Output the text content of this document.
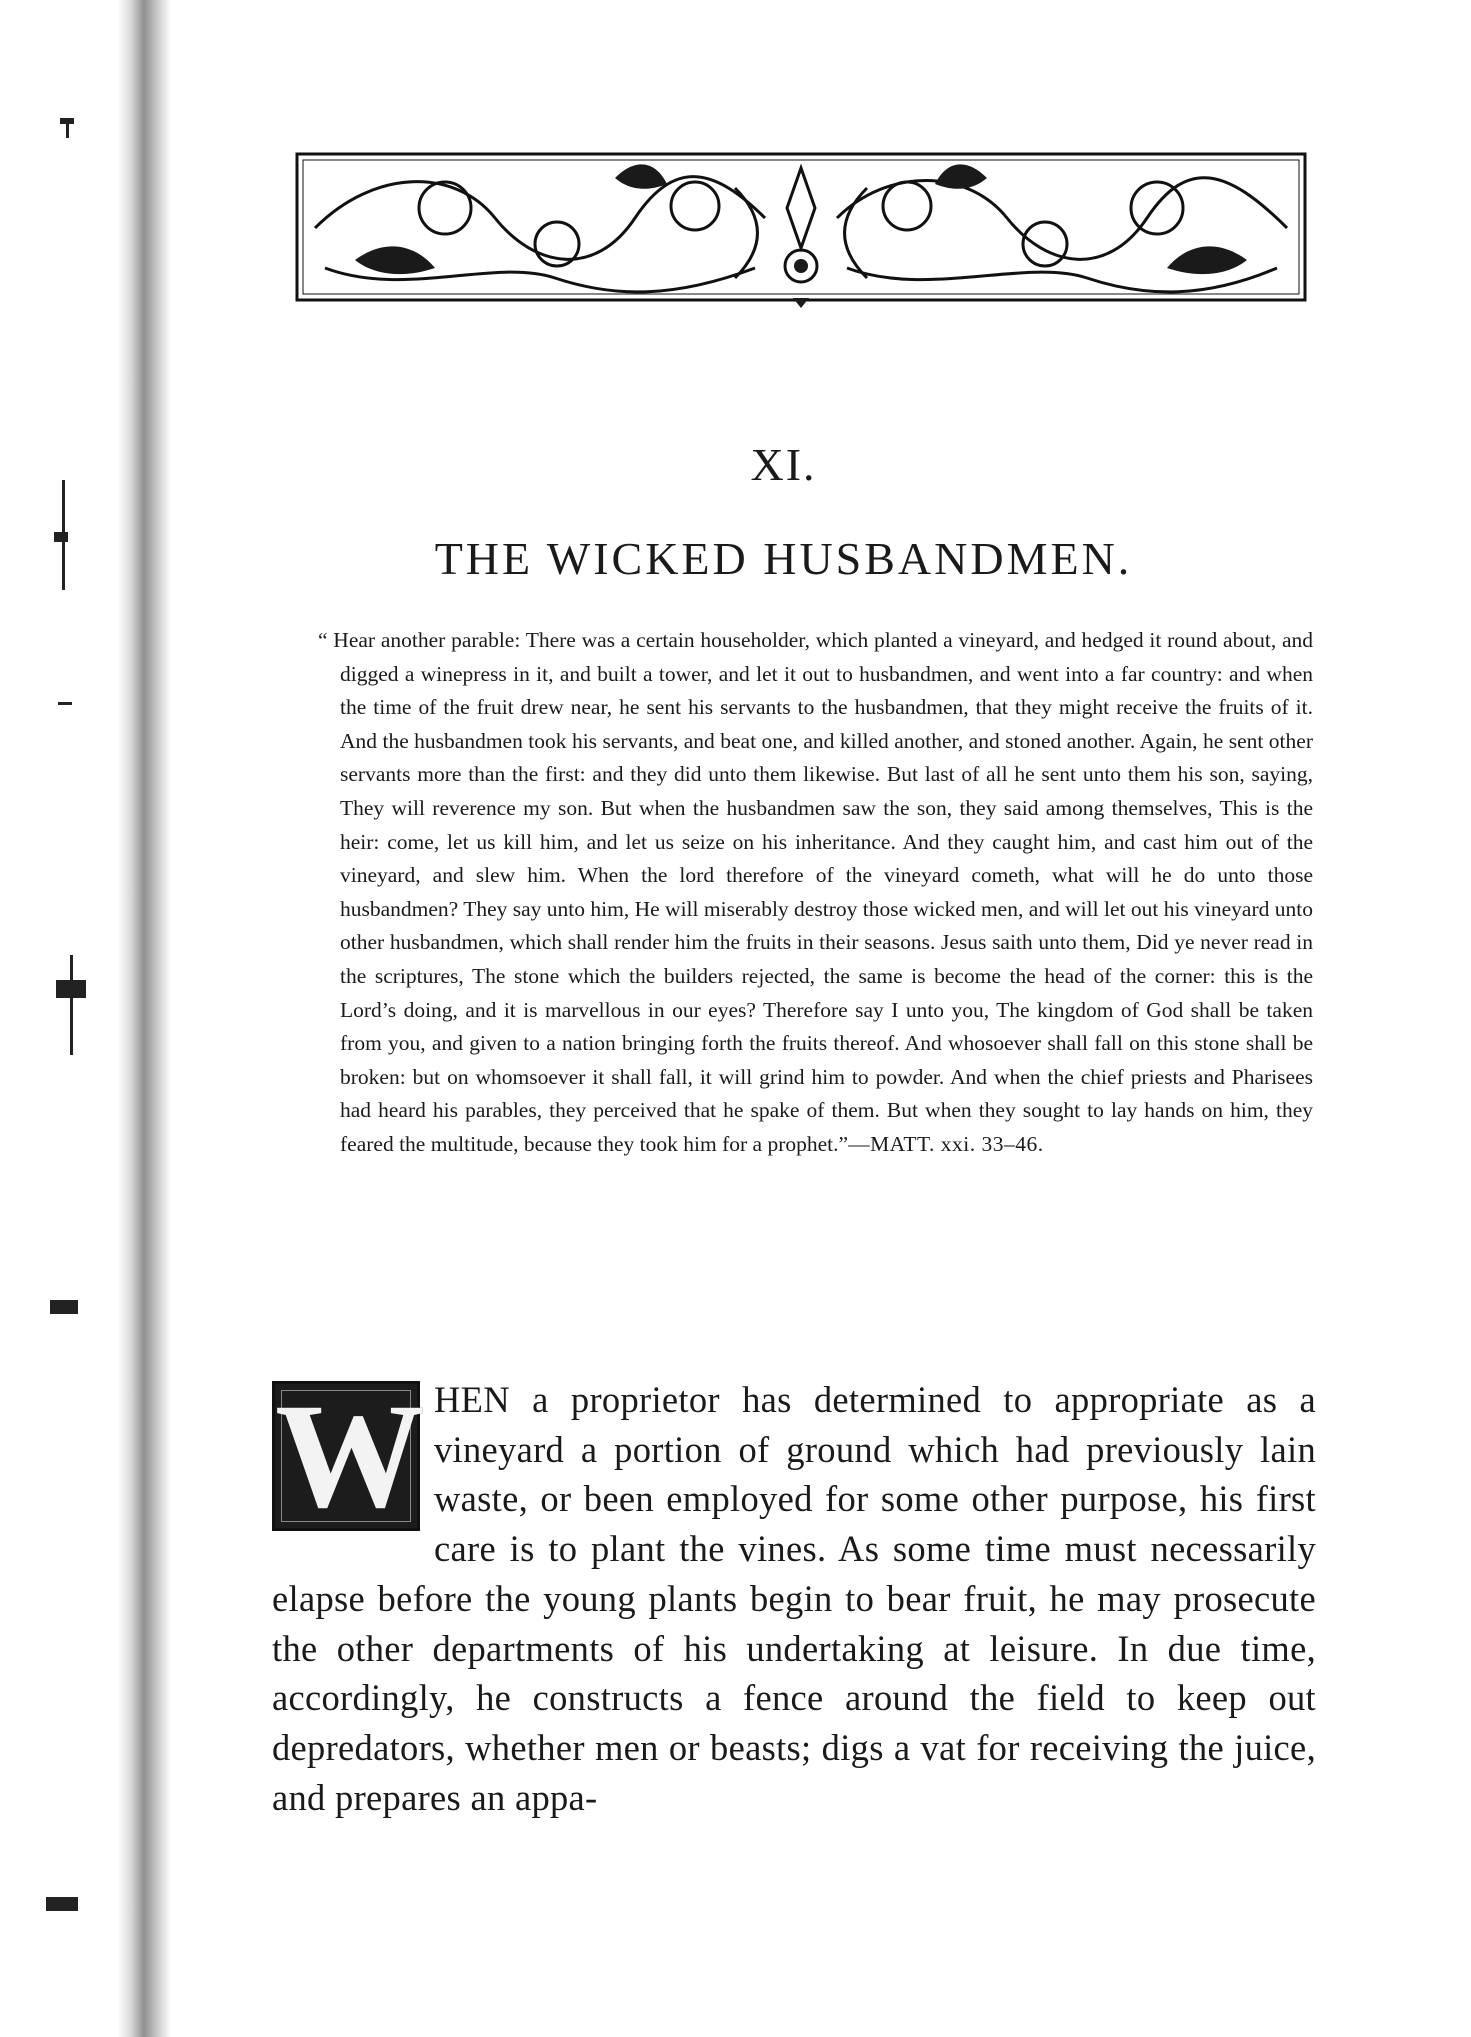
XI.
THE WICKED HUSBANDMEN.
“ Hear another parable: There was a certain householder, which planted a vineyard, and hedged it round about, and digged a winepress in it, and built a tower, and let it out to husbandmen, and went into a far country: and when the time of the fruit drew near, he sent his servants to the husbandmen, that they might receive the fruits of it. And the husbandmen took his servants, and beat one, and killed another, and stoned another. Again, he sent other servants more than the first: and they did unto them likewise. But last of all he sent unto them his son, saying, They will reverence my son. But when the husbandmen saw the son, they said among themselves, This is the heir: come, let us kill him, and let us seize on his inheritance. And they caught him, and cast him out of the vineyard, and slew him. When the lord therefore of the vineyard cometh, what will he do unto those husbandmen? They say unto him, He will miserably destroy those wicked men, and will let out his vineyard unto other husbandmen, which shall render him the fruits in their seasons. Jesus saith unto them, Did ye never read in the scriptures, The stone which the builders rejected, the same is become the head of the corner: this is the Lord’s doing, and it is marvellous in our eyes? Therefore say I unto you, The kingdom of God shall be taken from you, and given to a nation bringing forth the fruits thereof. And whosoever shall fall on this stone shall be broken: but on whomsoever it shall fall, it will grind him to powder. And when the chief priests and Pharisees had heard his parables, they perceived that he spake of them. But when they sought to lay hands on him, they feared the multitude, because they took him for a prophet.”—MATT. xxi. 33–46.
W HEN a proprietor has determined to appropriate as a vineyard a portion of ground which had previously lain waste, or been employed for some other purpose, his first care is to plant the vines. As some time must necessarily elapse before the young plants begin to bear fruit, he may prosecute the other departments of his undertaking at leisure. In due time, accordingly, he constructs a fence around the field to keep out depredators, whether men or beasts; digs a vat for receiving the juice, and prepares an appa-
